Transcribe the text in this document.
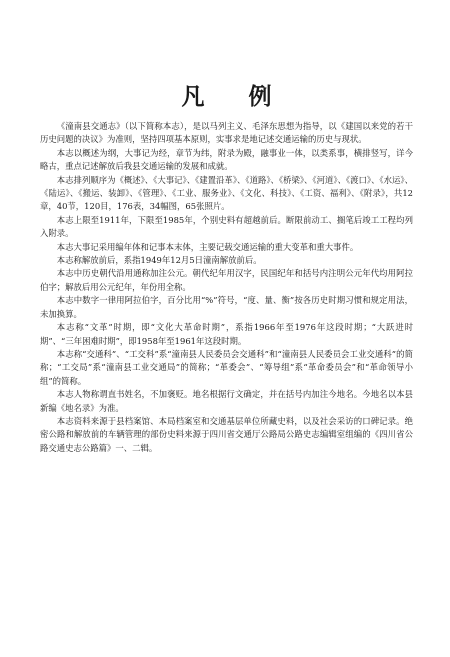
凡 例

《潼南县交通志》（以下简称本志），是以马列主义、毛泽东思想为指导，以《建国以来党的若干历史问题的决议》为准则，坚持四项基本原则，实事求是地记述交通运输的历史与现状。

本志以概述为纲，大事记为经，章节为纬，附录为殿，融事业一体，以类系事，横排竖写，详今略古，重点记述解放后我县交通运输的发展和成就。

本志排列顺序为《概述》、《大事记》、《建置沿革》、《道路》、《桥梁》、《河道》、《渡口》、《水运》、《陆运》、《搬运、装卸》、《管理》、《工业、服务业》、《文化、科技》、《工资、福利》、《附录》，共12章，40节，120目，176表，34幅图，65张照片。

本志上限至1911年，下限至1985年，个别史料有超越前后。断限前动工、搁笔后竣工工程均列入附录。

本志大事记采用编年体和记事本末体，主要记载交通运输的重大变革和重大事件。

本志称解放前后，系指1949年12月5日潼南解放前后。

本志中历史朝代沿用通称加注公元。朝代纪年用汉字，民国纪年和括号内注明公元年代均用阿拉伯字；解放后用公元纪年，年份用全称。

本志中数字一律用阿拉伯字，百分比用“%”符号，“度、量、衡”按各历史时期习惯和规定用法，未加换算。

本志称“文革”时期，即“文化大革命时期”，系指1966年至1976年这段时期；“大跃进时期”、“三年困难时期”，即1958年至1961年这段时期。

本志称“交通科”、“工交科”系“潼南县人民委员会交通科”和“潼南县人民委员会工业交通科”的简称；“工交局”系“潼南县工业交通局”的简称；“革委会”、“筹导组”系“革命委员会”和“革命领导小组”的简称。

本志人物称谓直书姓名，不加褒贬。地名根据行文确定，并在括号内加注今地名。今地名以本县新编《地名录》为准。

本志资料来源于县档案馆、本局档案室和交通基层单位所藏史料，以及社会采访的口碑记录。绝密公路和解放前的车辆管理的部份史料来源于四川省交通厅公路局公路史志编辑室组编的《四川省公路交通史志公路篇》一、二辑。
